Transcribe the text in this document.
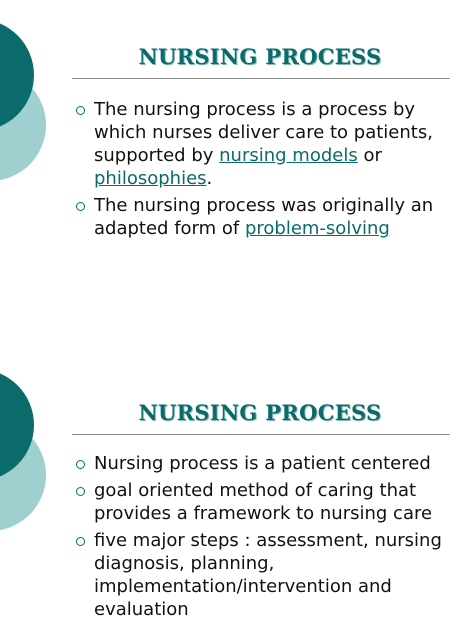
NURSING PROCESS
The nursing process is a process by which nurses deliver care to patients, supported by nursing models or philosophies.
The nursing process was originally an adapted form of problem-solving
NURSING PROCESS
Nursing process is a patient centered
goal oriented method of caring that provides a framework to nursing care
five major steps : assessment, nursing diagnosis, planning, implementation/intervention and evaluation
